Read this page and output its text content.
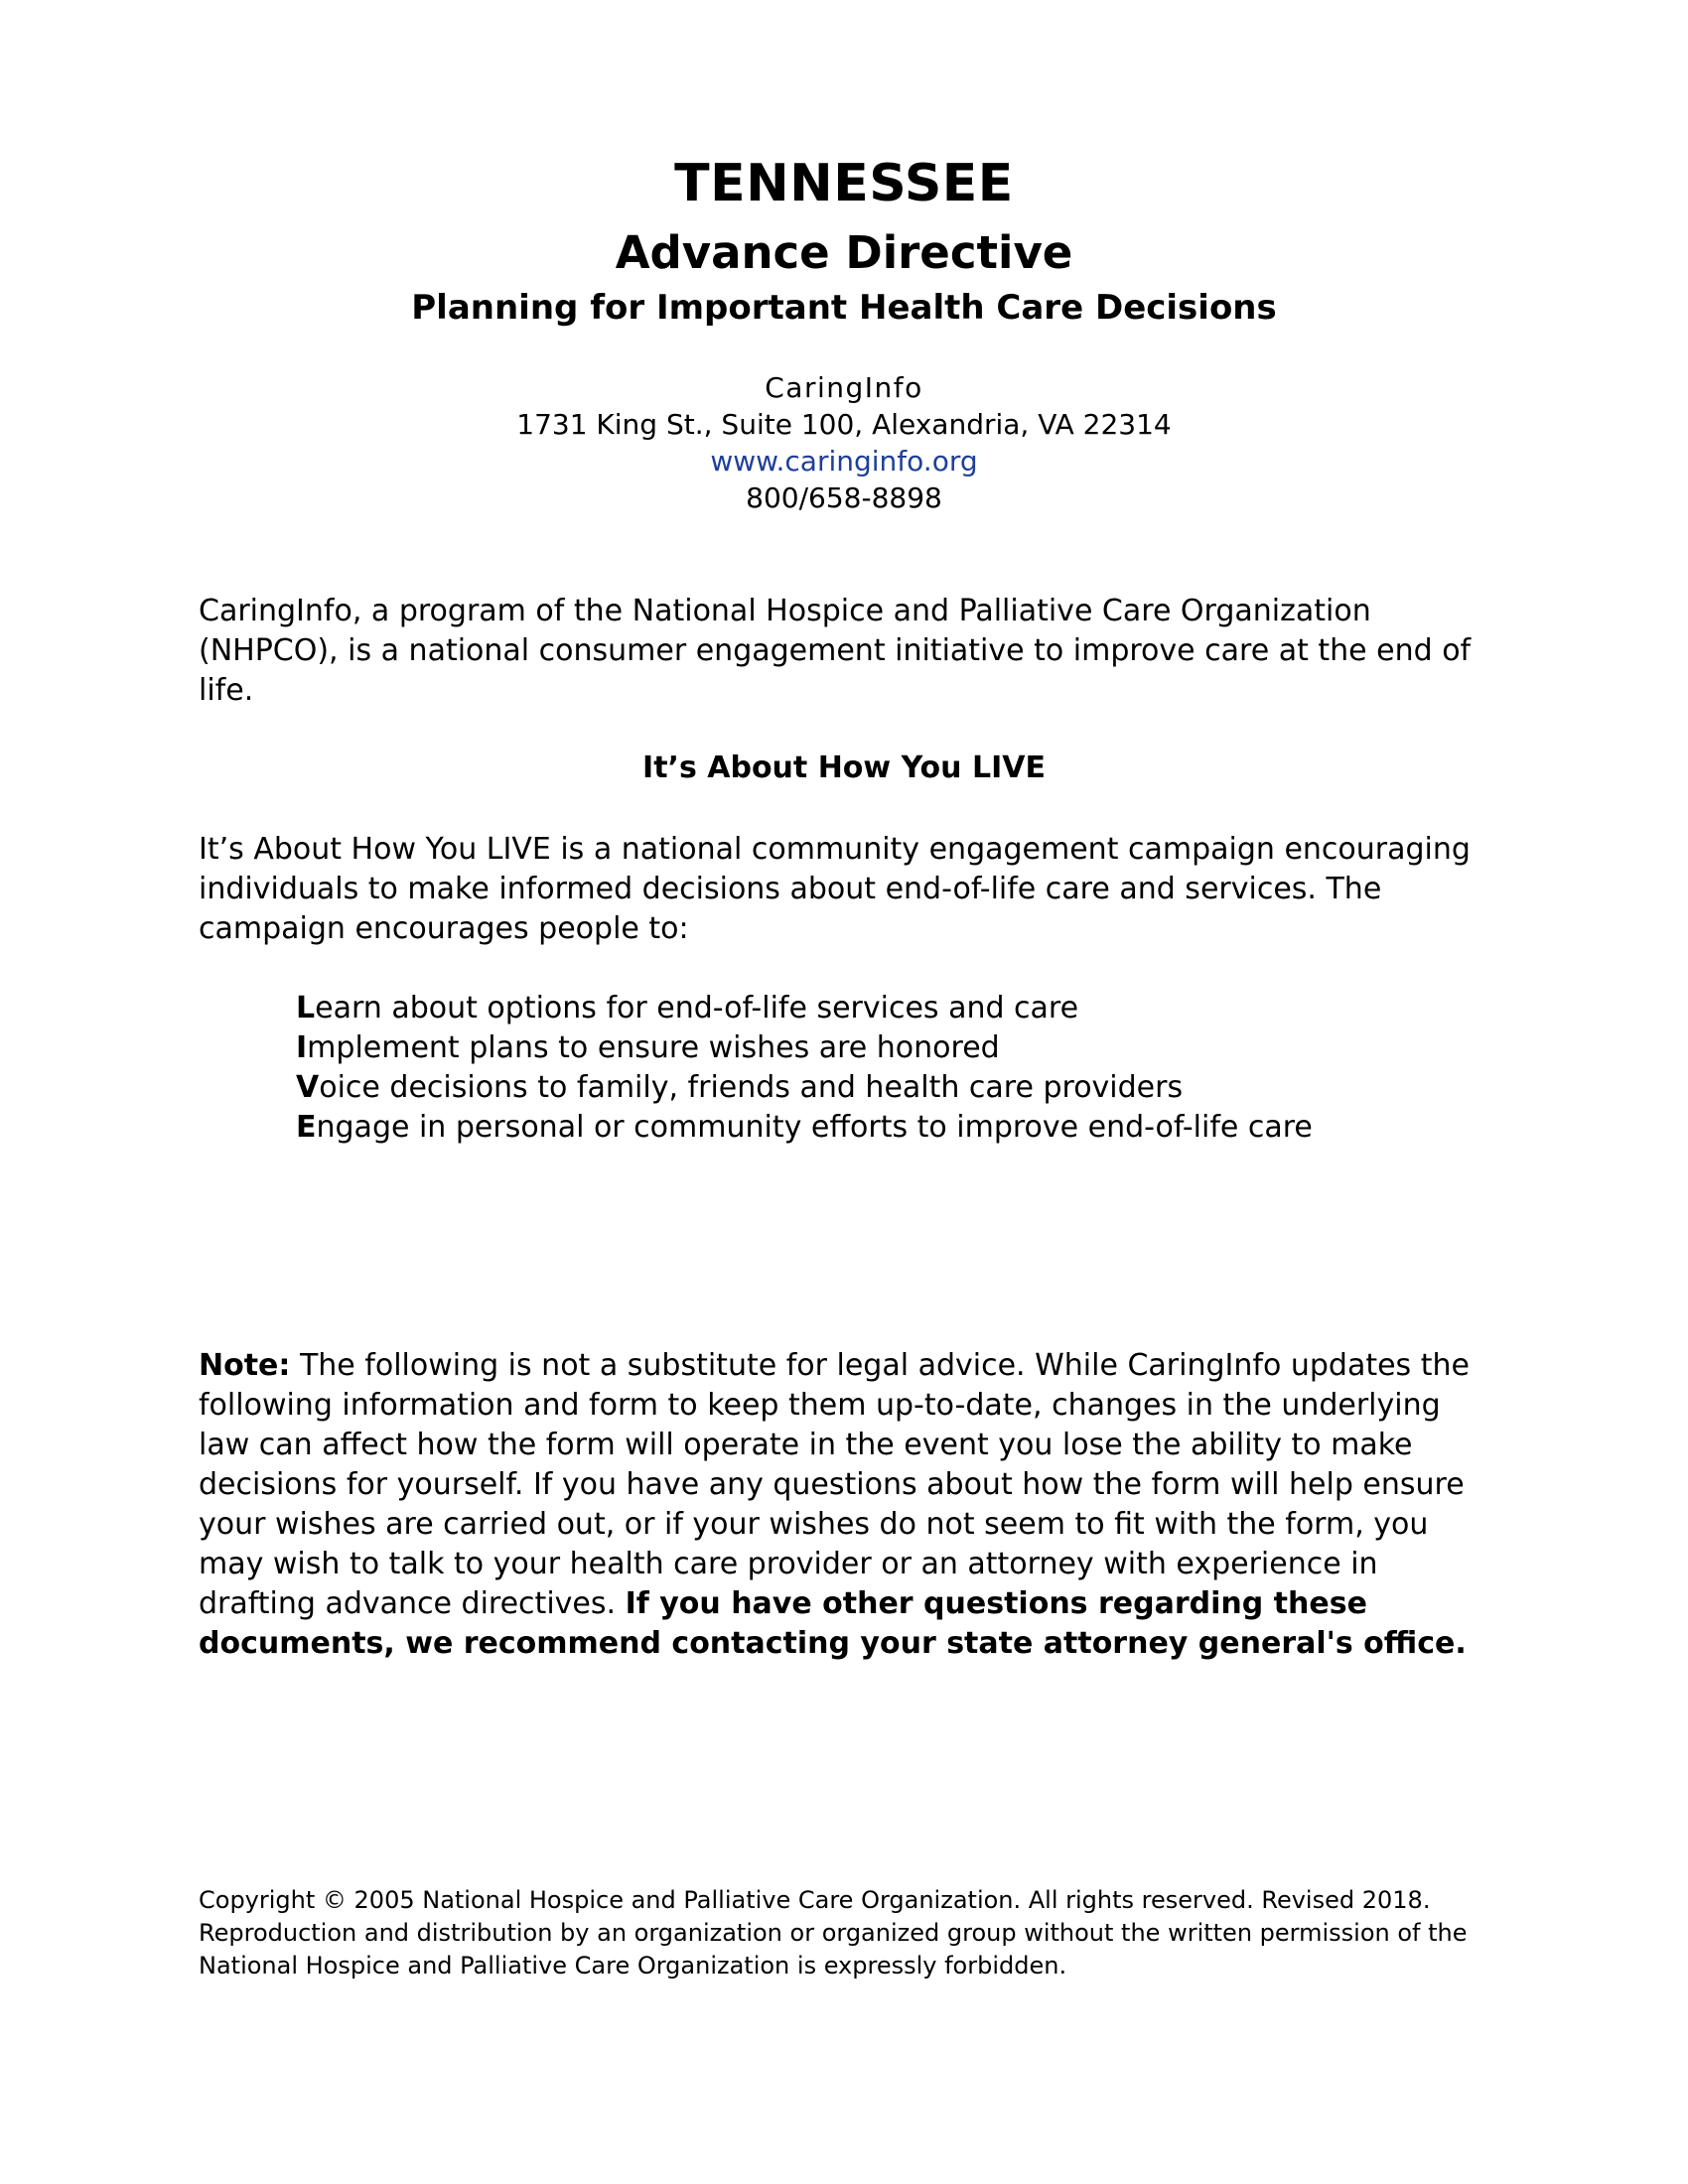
TENNESSEE
Advance Directive
Planning for Important Health Care Decisions
CaringInfo
1731 King St., Suite 100, Alexandria, VA 22314
www.caringinfo.org
800/658-8898
CaringInfo, a program of the National Hospice and Palliative Care Organization (NHPCO), is a national consumer engagement initiative to improve care at the end of life.
It’s About How You LIVE
It’s About How You LIVE is a national community engagement campaign encouraging individuals to make informed decisions about end-of-life care and services. The campaign encourages people to:
Learn about options for end-of-life services and care
Implement plans to ensure wishes are honored
Voice decisions to family, friends and health care providers
Engage in personal or community efforts to improve end-of-life care
Note: The following is not a substitute for legal advice. While CaringInfo updates the following information and form to keep them up-to-date, changes in the underlying law can affect how the form will operate in the event you lose the ability to make decisions for yourself. If you have any questions about how the form will help ensure your wishes are carried out, or if your wishes do not seem to fit with the form, you may wish to talk to your health care provider or an attorney with experience in drafting advance directives. If you have other questions regarding these documents, we recommend contacting your state attorney general's office.
Copyright © 2005 National Hospice and Palliative Care Organization. All rights reserved. Revised 2018. Reproduction and distribution by an organization or organized group without the written permission of the National Hospice and Palliative Care Organization is expressly forbidden.
